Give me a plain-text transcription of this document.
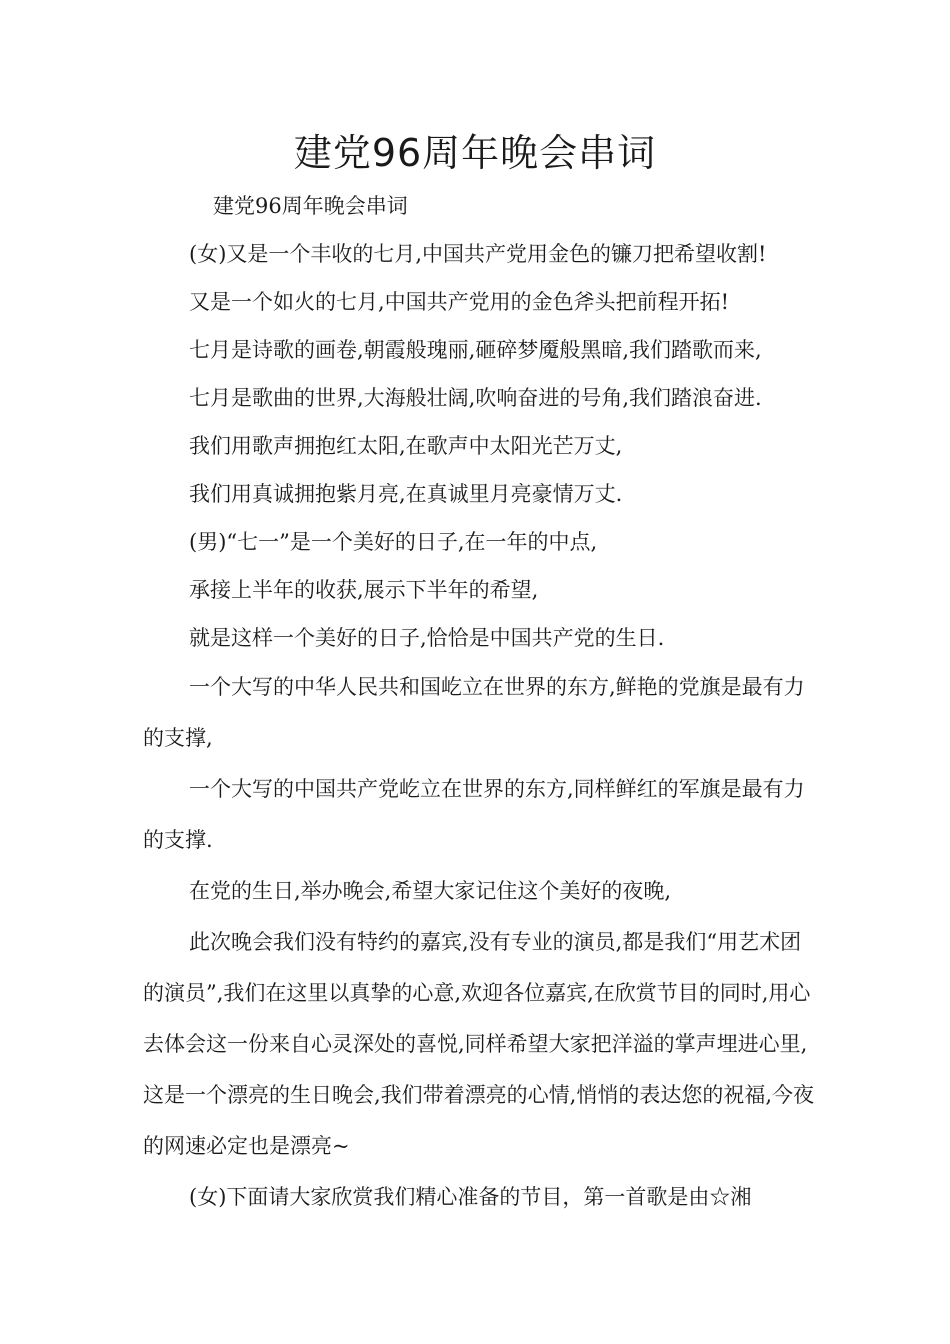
建党96周年晚会串词
建党96周年晚会串词
(女)又是一个丰收的七月,中国共产党用金色的镰刀把希望收割!
又是一个如火的七月,中国共产党用的金色斧头把前程开拓!
七月是诗歌的画卷,朝霞般瑰丽,砸碎梦魇般黑暗,我们踏歌而来,
七月是歌曲的世界,大海般壮阔,吹响奋进的号角,我们踏浪奋进.
我们用歌声拥抱红太阳,在歌声中太阳光芒万丈,
我们用真诚拥抱紫月亮,在真诚里月亮豪情万丈.
(男)“七一”是一个美好的日子,在一年的中点,
承接上半年的收获,展示下半年的希望,
就是这样一个美好的日子,恰恰是中国共产党的生日.
一个大写的中华人民共和国屹立在世界的东方,鲜艳的党旗是最有力的支撑,
一个大写的中国共产党屹立在世界的东方,同样鲜红的军旗是最有力的支撑.
在党的生日,举办晚会,希望大家记住这个美好的夜晚,
此次晚会我们没有特约的嘉宾,没有专业的演员,都是我们“用艺术团的演员”,我们在这里以真挚的心意,欢迎各位嘉宾,在欣赏节目的同时,用心去体会这一份来自心灵深处的喜悦,同样希望大家把洋溢的掌声埋进心里,这是一个漂亮的生日晚会,我们带着漂亮的心情,悄悄的表达您的祝福,今夜的网速必定也是漂亮~
(女)下面请大家欣赏我们精心准备的节目，第一首歌是由☆湘
